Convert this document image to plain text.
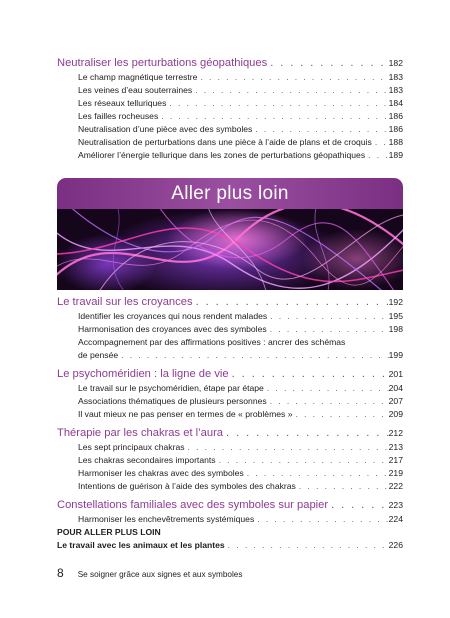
Neutraliser les perturbations géopathiques . . .	182
Le champ magnétique terrestre . . .	183
Les veines d’eau souterraines . . .	183
Les réseaux telluriques . . .	184
Les failles rocheuses . . .	186
Neutralisation d’une pièce avec des symboles . . .	186
Neutralisation de perturbations dans une pièce à l’aide de plans et de croquis . . . 188
Améliorer l’énergie tellurique dans les zones de perturbations géopathiques . . .	189
Aller plus loin
Le travail sur les croyances . . .	192
Identifier les croyances qui nous rendent malades . . .	195
Harmonisation des croyances avec des symboles . . .	198
Accompagnement par des affirmations positives : ancrer des schémas
de pensée . . .	199
Le psychoméridien : la ligne de vie . . .	201
Le travail sur le psychoméridien, étape par étape . . .	204
Associations thématiques de plusieurs personnes . . .	207
Il vaut mieux ne pas penser en termes de « problèmes » . . .	209
Thérapie par les chakras et l’aura . . .	212
Les sept principaux chakras . . .	213
Les chakras secondaires importants . . .	217
Harmoniser les chakras avec des symboles . . .	219
Intentions de guérison à l’aide des symboles des chakras . . .	222
Constellations familiales avec des symboles sur papier . . .	223
Harmoniser les enchevêtrements systémiques . . .	224
POUR ALLER PLUS LOIN
Le travail avec les animaux et les plantes . . .	226
8 Se soigner grâce aux signes et aux symboles
